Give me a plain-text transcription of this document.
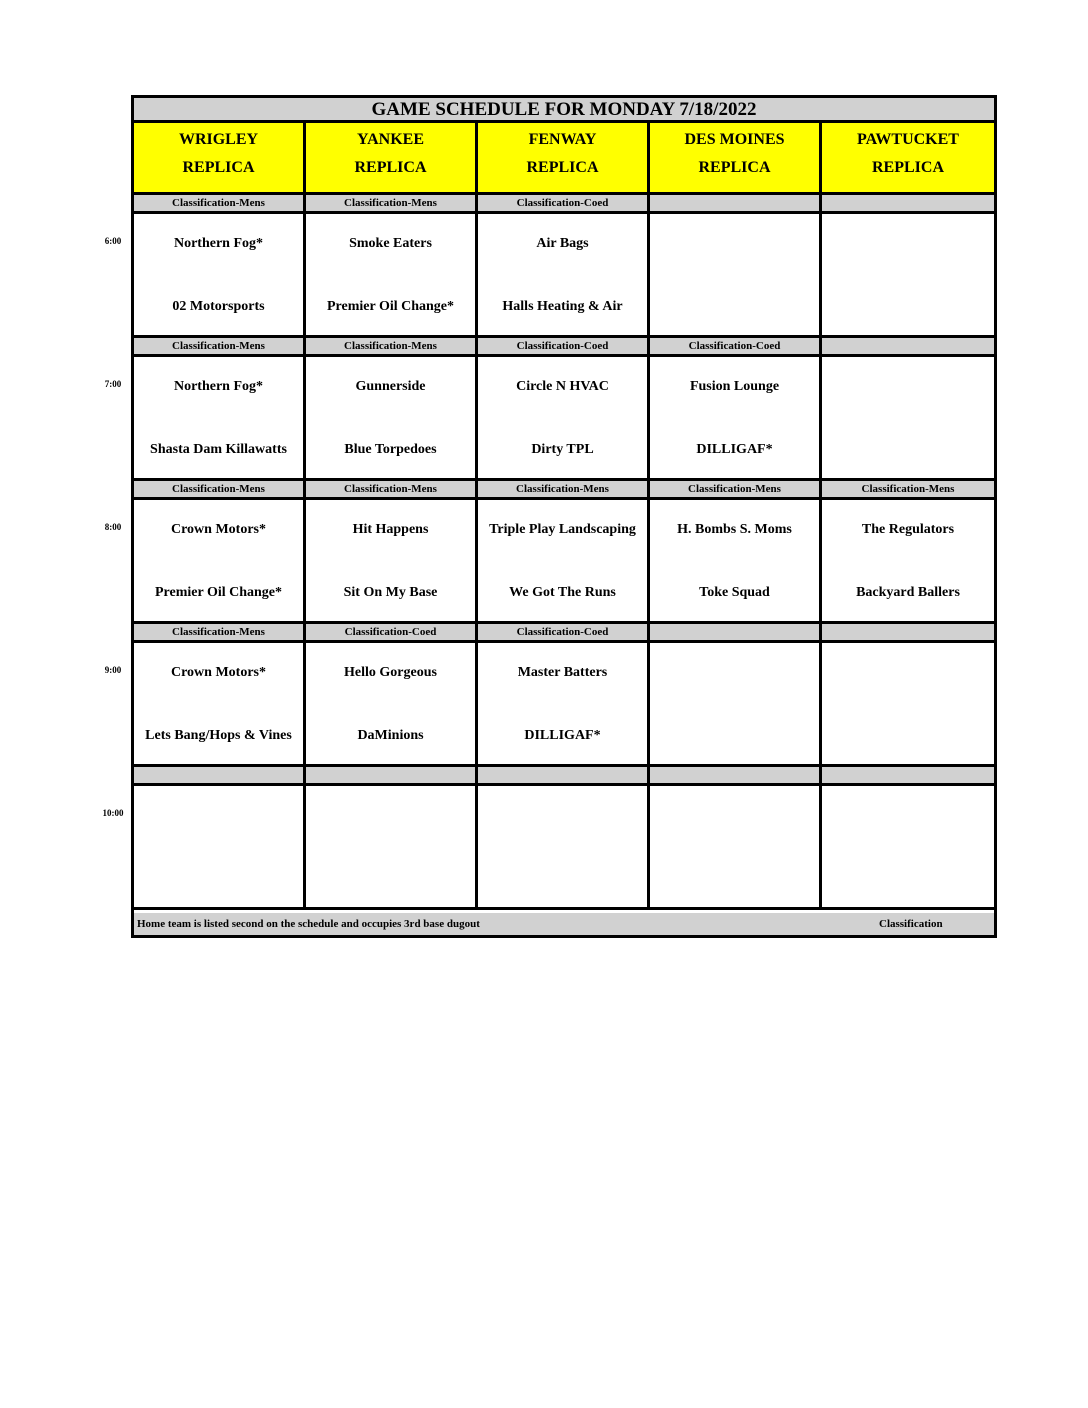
GAME SCHEDULE FOR MONDAY 7/18/2022
WRIGLEY
REPLICA
YANKEE
REPLICA
FENWAY
REPLICA
DES MOINES
REPLICA
PAWTUCKET
REPLICA
Classification-Mens
Northern Fog*
02 Motorsports
Classification-Mens
Smoke Eaters
Premier Oil Change*
Classification-Coed
Air Bags
Halls Heating & Air
Classification-Mens
Northern Fog*
Shasta Dam Killawatts
Classification-Mens
Gunnerside
Blue Torpedoes
Classification-Coed
Circle N HVAC
Dirty TPL
Classification-Coed
Fusion Lounge
DILLIGAF*
Classification-Mens
Crown Motors*
Premier Oil Change*
Classification-Mens
Hit Happens
Sit On My Base
Classification-Mens
Triple Play Landscaping
We Got The Runs
Classification-Mens
H. Bombs S. Moms
Toke Squad
Classification-Mens
The Regulators
Backyard Ballers
Classification-Mens
Crown Motors*
Lets Bang/Hops & Vines
Classification-Coed
Hello Gorgeous
DaMinions
Classification-Coed
Master Batters
DILLIGAF*
Home team is listed second on the schedule and occupies 3rd base dugout	Classification
6:00
7:00
8:00
9:00
10:00
